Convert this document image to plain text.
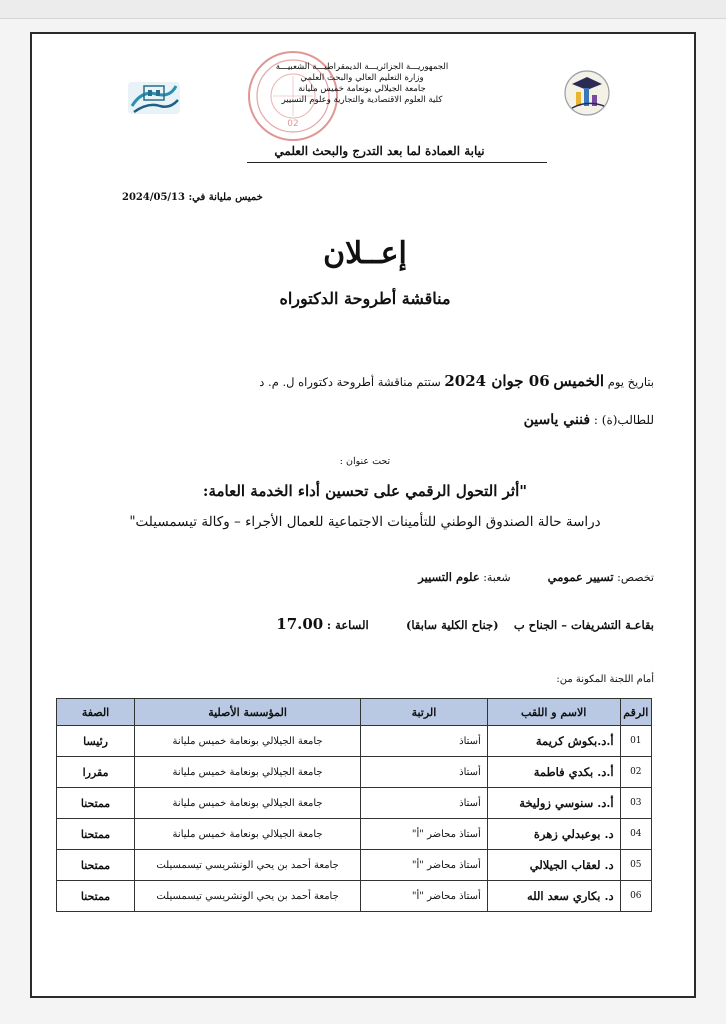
02
الجمهوريـــة الجزائريـــة الديمقراطيـــة الشعبيـــة
وزارة التعليم العالي والبحث العلمي
جامعة الجيلالي بونعامة خميس مليانة
كلية العلوم الاقتصادية والتجارية وعلوم التسيير
نيابة العمادة لما بعد التدرج والبحث العلمي
خميس مليانة في: 2024/05/13
إعــلان
مناقشة أطروحة الدكتوراه
بتاريخ يوم الخميس 06 جوان 2024 ستتم مناقشة أطروحة دكتوراه ل. م. د
للطالب(ة) : فنني ياسين
تحت عنوان :
"أثر التحول الرقمي على تحسين أداء الخدمة العامة:
دراسة حالة الصندوق الوطني للتأمينات الاجتماعية للعمال الأجراء – وكالة تيسمسيلت"
تخصص: تسيير عمومي  شعبة: علوم التسيير
بقاعـة التشريفات – الجناح ب  (جناح الكلية سابقا)  الساعة : 17.00
أمام اللجنة المكونة من:
الرقم	الاسم و اللقب	الرتبة	المؤسسة الأصلية	الصفة
01	أ.د.بكوش كريمة	أستاذ	جامعة الجيلالي بونعامة خميس مليانة	رئيسا
02	أ.د. بكدي فاطمة	أستاذ	جامعة الجيلالي بونعامة خميس مليانة	مقررا
03	أ.د. سنوسي زوليخة	أستاذ	جامعة الجيلالي بونعامة خميس مليانة	ممتحنا
04	د. بوعبدلي زهرة	أستاذ محاضر "أ"	جامعة الجيلالي بونعامة خميس مليانة	ممتحنا
05	د. لعقاب الجيلالي	أستاذ محاضر "أ"	جامعة أحمد بن يحي الونشريسي تيسمسيلت	ممتحنا
06	د. بكاري سعد الله	أستاذ محاضر "أ"	جامعة أحمد بن يحي الونشريسي تيسمسيلت	ممتحنا
